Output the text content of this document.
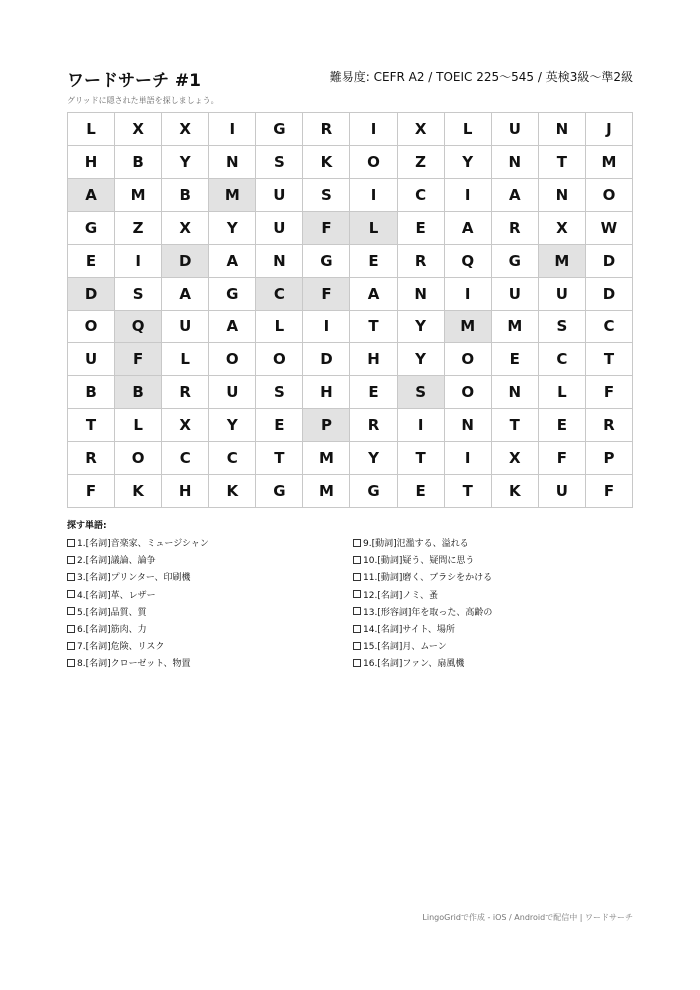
ワードサーチ #1	難易度: CEFR A2 / TOEIC 225〜545 / 英検3級〜準2級
グリッドに隠された単語を探しましょう。
L	X	X	I	G	R	I	X	L	U	N	J
H	B	Y	N	S	K	O	Z	Y	N	T	M
A	M	B	M	U	S	I	C	I	A	N	O
G	Z	X	Y	U	F	L	E	A	R	X	W
E	I	D	A	N	G	E	R	Q	G	M	D
D	S	A	G	C	F	A	N	I	U	U	D
O	Q	U	A	L	I	T	Y	M	M	S	C
U	F	L	O	O	D	H	Y	O	E	C	T
B	B	R	U	S	H	E	S	O	N	L	F
T	L	X	Y	E	P	R	I	N	T	E	R
R	O	C	C	T	M	Y	T	I	X	F	P
F	K	H	K	G	M	G	E	T	K	U	F
探す単語:
1.[名詞]音楽家、ミュージシャン	9.[動詞]氾濫する、溢れる
2.[名詞]議論、論争	10.[動詞]疑う、疑問に思う
3.[名詞]プリンター、印刷機	11.[動詞]磨く、ブラシをかける
4.[名詞]革、レザー	12.[名詞]ノミ、蚤
5.[名詞]品質、質	13.[形容詞]年を取った、高齢の
6.[名詞]筋肉、力	14.[名詞]サイト、場所
7.[名詞]危険、リスク	15.[名詞]月、ムーン
8.[名詞]クローゼット、物置	16.[名詞]ファン、扇風機
LingoGridで作成 - iOS / Androidで配信中 | ワードサーチ
